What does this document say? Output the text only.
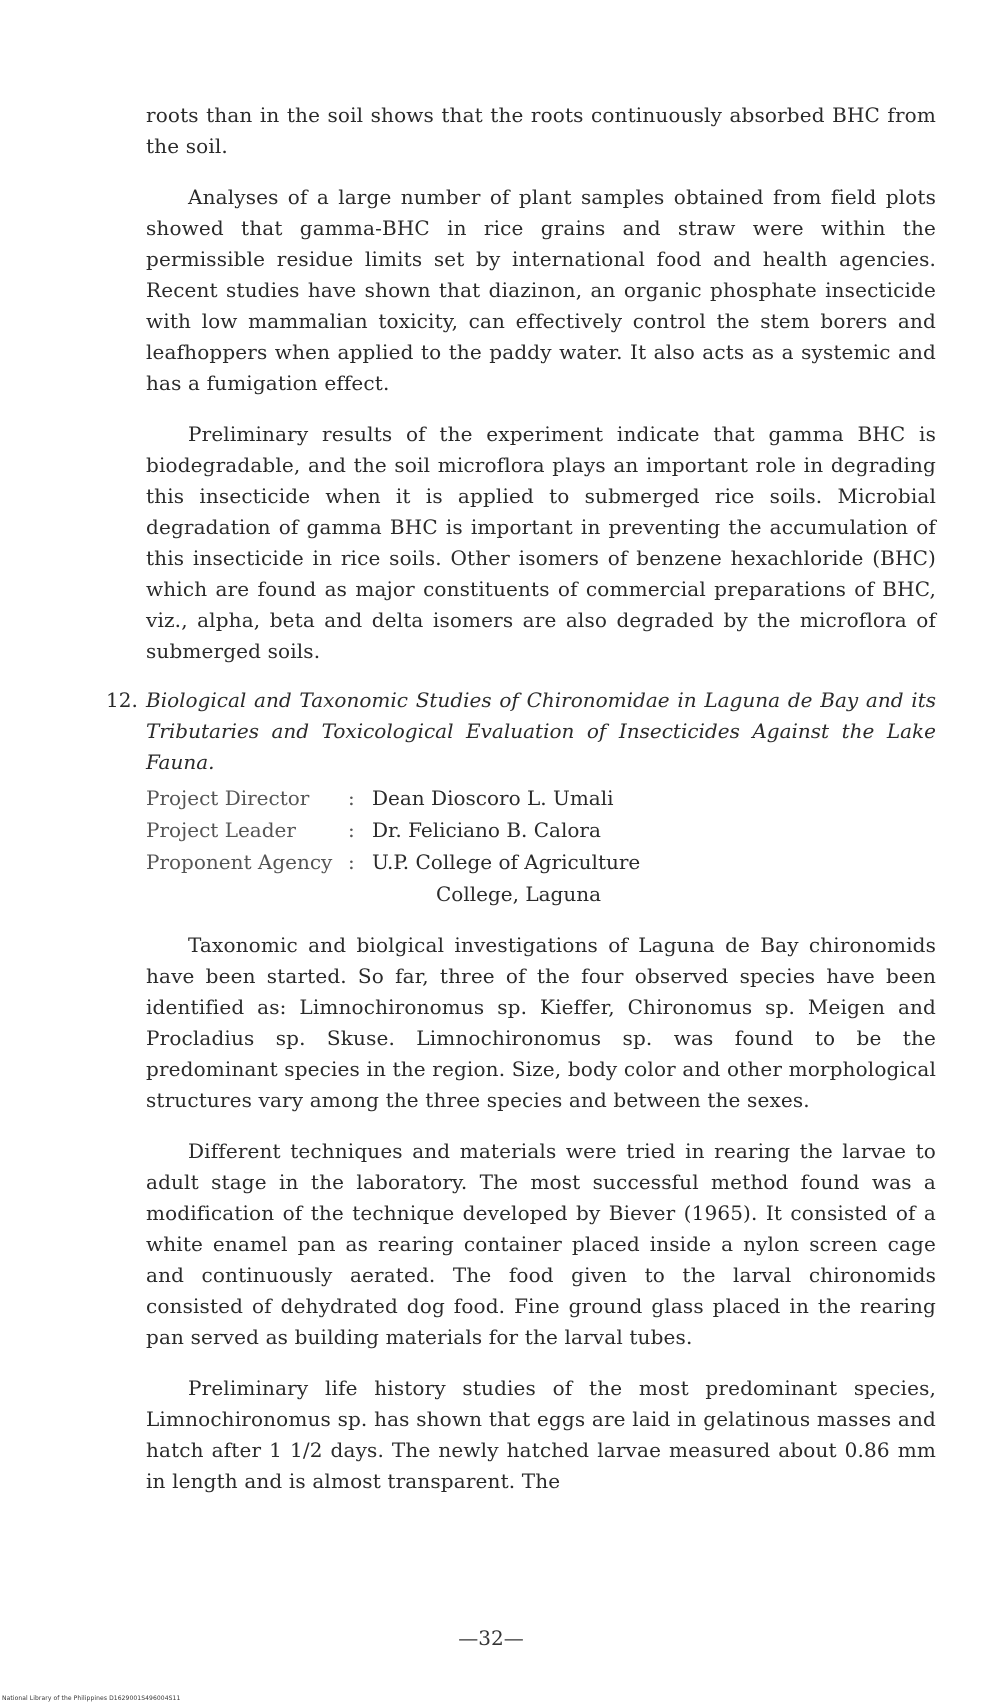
roots than in the soil shows that the roots continuously absorbed BHC from the soil.

Analyses of a large number of plant samples obtained from field plots showed that gamma-BHC in rice grains and straw were within the permissible residue limits set by international food and health agencies. Recent studies have shown that diazinon, an organic phosphate insecticide with low mammalian toxicity, can effectively control the stem borers and leafhoppers when applied to the paddy water. It also acts as a systemic and has a fumigation effect.

Preliminary results of the experiment indicate that gamma BHC is biodegradable, and the soil microflora plays an important role in degrading this insecticide when it is applied to submerged rice soils. Microbial degradation of gamma BHC is important in preventing the accumulation of this insecticide in rice soils. Other isomers of benzene hexachloride (BHC) which are found as major constituents of commercial preparations of BHC, viz., alpha, beta and delta isomers are also degraded by the microflora of submerged soils.

12. Biological and Taxonomic Studies of Chironomidae in Laguna de Bay and its Tributaries and Toxicological Evaluation of Insecticides Against the Lake Fauna.
Project Director	: Dean Dioscoro L. Umali
Project Leader	: Dr. Feliciano B. Calora
Proponent Agency : U.P. College of Agriculture
College, Laguna

Taxonomic and biolgical investigations of Laguna de Bay chironomids have been started. So far, three of the four observed species have been identified as: Limnochironomus sp. Kieffer, Chironomus sp. Meigen and Procladius sp. Skuse. Limnochironomus sp. was found to be the predominant species in the region. Size, body color and other morphological structures vary among the three species and between the sexes.

Different techniques and materials were tried in rearing the larvae to adult stage in the laboratory. The most successful method found was a modification of the technique developed by Biever (1965). It consisted of a white enamel pan as rearing container placed inside a nylon screen cage and continuously aerated. The food given to the larval chironomids consisted of dehydrated dog food. Fine ground glass placed in the rearing pan served as building materials for the larval tubes.

Preliminary life history studies of the most predominant species, Limnochironomus sp. has shown that eggs are laid in gelatinous masses and hatch after 1 1/2 days. The newly hatched larvae measured about 0.86 mm in length and is almost transparent. The

—32—
National Library of the Philippines D1629001S496004S11
